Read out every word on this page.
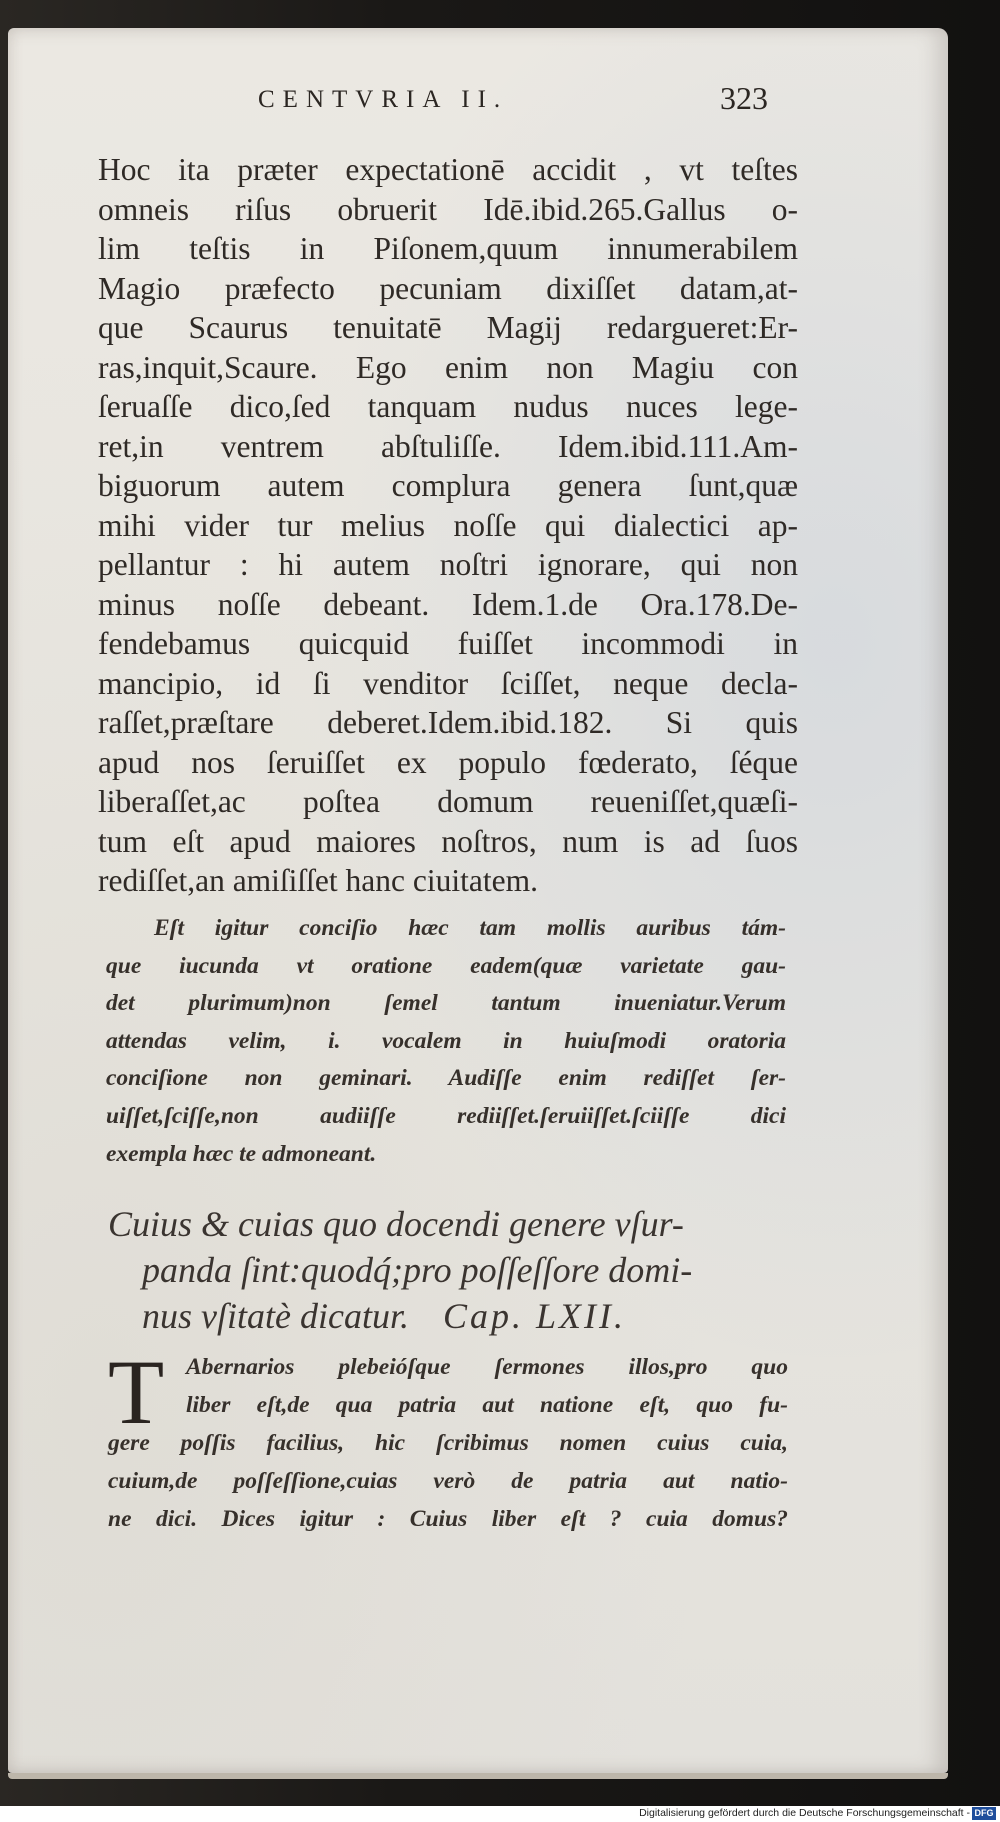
CENTVRIA II.	323
Hoc ita præter expectationē accidit , vt teſtes
omneis riſus obruerit Idē.ibid.265.Gallus o-
lim teſtis in Piſonem,quum innumerabilem
Magio præfecto pecuniam dixiſſet datam,at-
que Scaurus tenuitatē Magij redargueret:Er-
ras,inquit,Scaure. Ego enim non Magiu con
ſeruaſſe dico,ſed tanquam nudus nuces lege-
ret,in ventrem abſtuliſſe. Idem.ibid.111.Am-
biguorum autem complura genera ſunt,quæ
mihi vider tur melius noſſe qui dialectici ap-
pellantur : hi autem noſtri ignorare, qui non
minus noſſe debeant. Idem.1.de Ora.178.De-
fendebamus quicquid fuiſſet incommodi in
mancipio, id ſi venditor ſciſſet, neque decla-
raſſet,præſtare deberet.Idem.ibid.182. Si quis
apud nos ſeruiſſet ex populo fœderato, ſéque
liberaſſet,ac poſtea domum reueniſſet,quæſi-
tum eſt apud maiores noſtros, num is ad ſuos
rediſſet,an amiſiſſet hanc ciuitatem.
Eſt igitur conciſio hæc tam mollis auribus tám-
que iucunda vt oratione eadem(quæ varietate gau-
det plurimum)non ſemel tantum inueniatur.Verum
attendas velim, i. vocalem in huiuſmodi oratoria
conciſione non geminari. Audiſſe enim rediſſet ſer-
uiſſet,ſciſſe,non audiiſſe rediiſſet.ſeruiiſſet.ſciiſſe dici
exempla hæc te admoneant.
Cuius & cuias quo docendi genere vſur-
panda ſint:quodq́;pro poſſeſſore domi-
nus vſitatè dicatur. Cap. LXII.
T Abernarios plebeióſque ſermones illos,pro quo
liber eſt,de qua patria aut natione eſt, quo fu-
gere poſſis facilius, hic ſcribimus nomen cuius cuia,
cuium,de poſſeſſione,cuias verò de patria aut natio-
ne dici. Dices igitur : Cuius liber eſt ? cuia domus?
Digitalisierung gefördert durch die Deutsche Forschungsgemeinschaft - DFG
